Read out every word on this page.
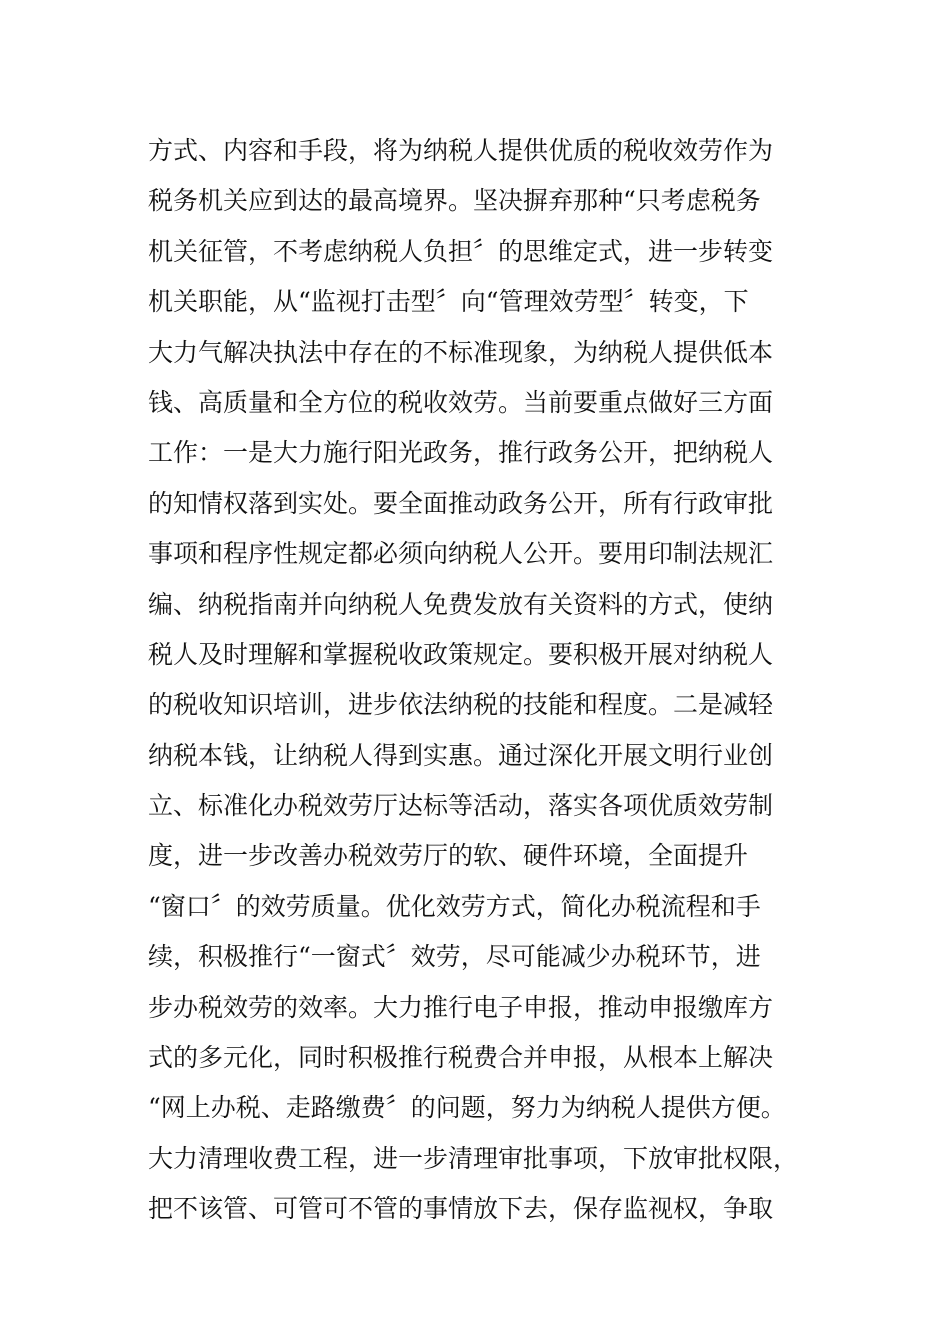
方式、内容和手段，将为纳税人提供优质的税收效劳作为
税务机关应到达的最高境界。坚决摒弃那种“只考虑税务
机关征管，不考虑纳税人负担〞的思维定式，进一步转变
机关职能，从“监视打击型〞向“管理效劳型〞转变，下
大力气解决执法中存在的不标准现象，为纳税人提供低本
钱、高质量和全方位的税收效劳。当前要重点做好三方面
工作：一是大力施行阳光政务，推行政务公开，把纳税人
的知情权落到实处。要全面推动政务公开，所有行政审批
事项和程序性规定都必须向纳税人公开。要用印制法规汇
编、纳税指南并向纳税人免费发放有关资料的方式，使纳
税人及时理解和掌握税收政策规定。要积极开展对纳税人
的税收知识培训，进步依法纳税的技能和程度。二是减轻
纳税本钱，让纳税人得到实惠。通过深化开展文明行业创
立、标准化办税效劳厅达标等活动，落实各项优质效劳制
度，进一步改善办税效劳厅的软、硬件环境，全面提升
“窗口〞的效劳质量。优化效劳方式，简化办税流程和手
续，积极推行“一窗式〞效劳，尽可能减少办税环节，进
步办税效劳的效率。大力推行电子申报，推动申报缴库方
式的多元化，同时积极推行税费合并申报，从根本上解决
“网上办税、走路缴费〞的问题，努力为纳税人提供方便。
大力清理收费工程，进一步清理审批事项，下放审批权限，
把不该管、可管可不管的事情放下去，保存监视权，争取
